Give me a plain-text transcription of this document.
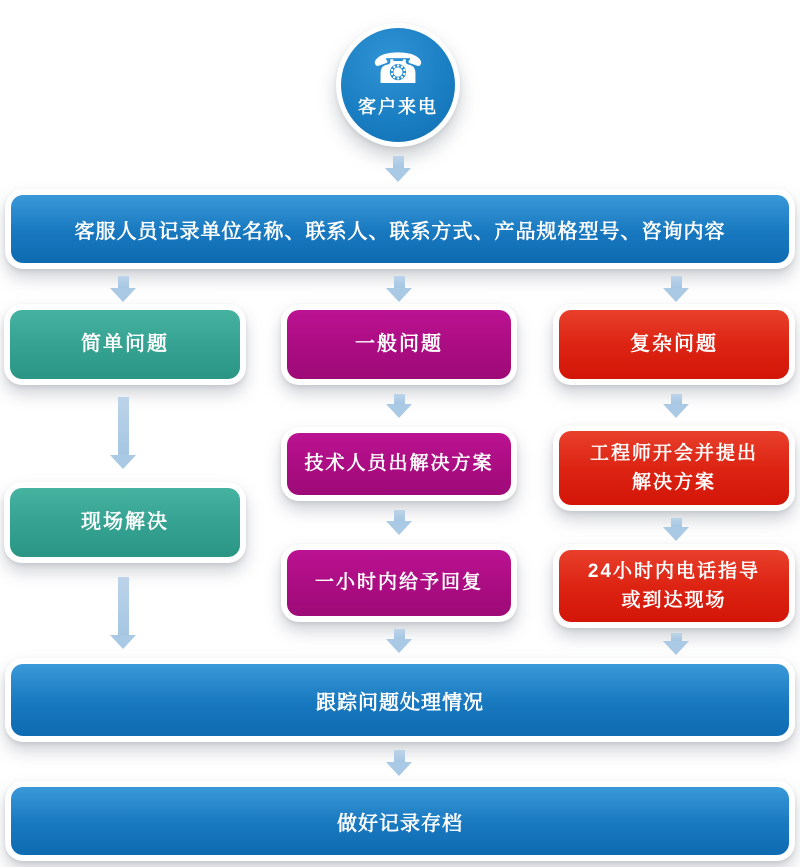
☎
客户来电
客服人员记录单位名称、联系人、联系方式、产品规格型号、咨询内容
简单问题	一般问题	复杂问题
现场解决
技术人员出解决方案
一小时内给予回复
工程师开会并提出
解决方案
24小时内电话指导
或到达现场
跟踪问题处理情况
做好记录存档
